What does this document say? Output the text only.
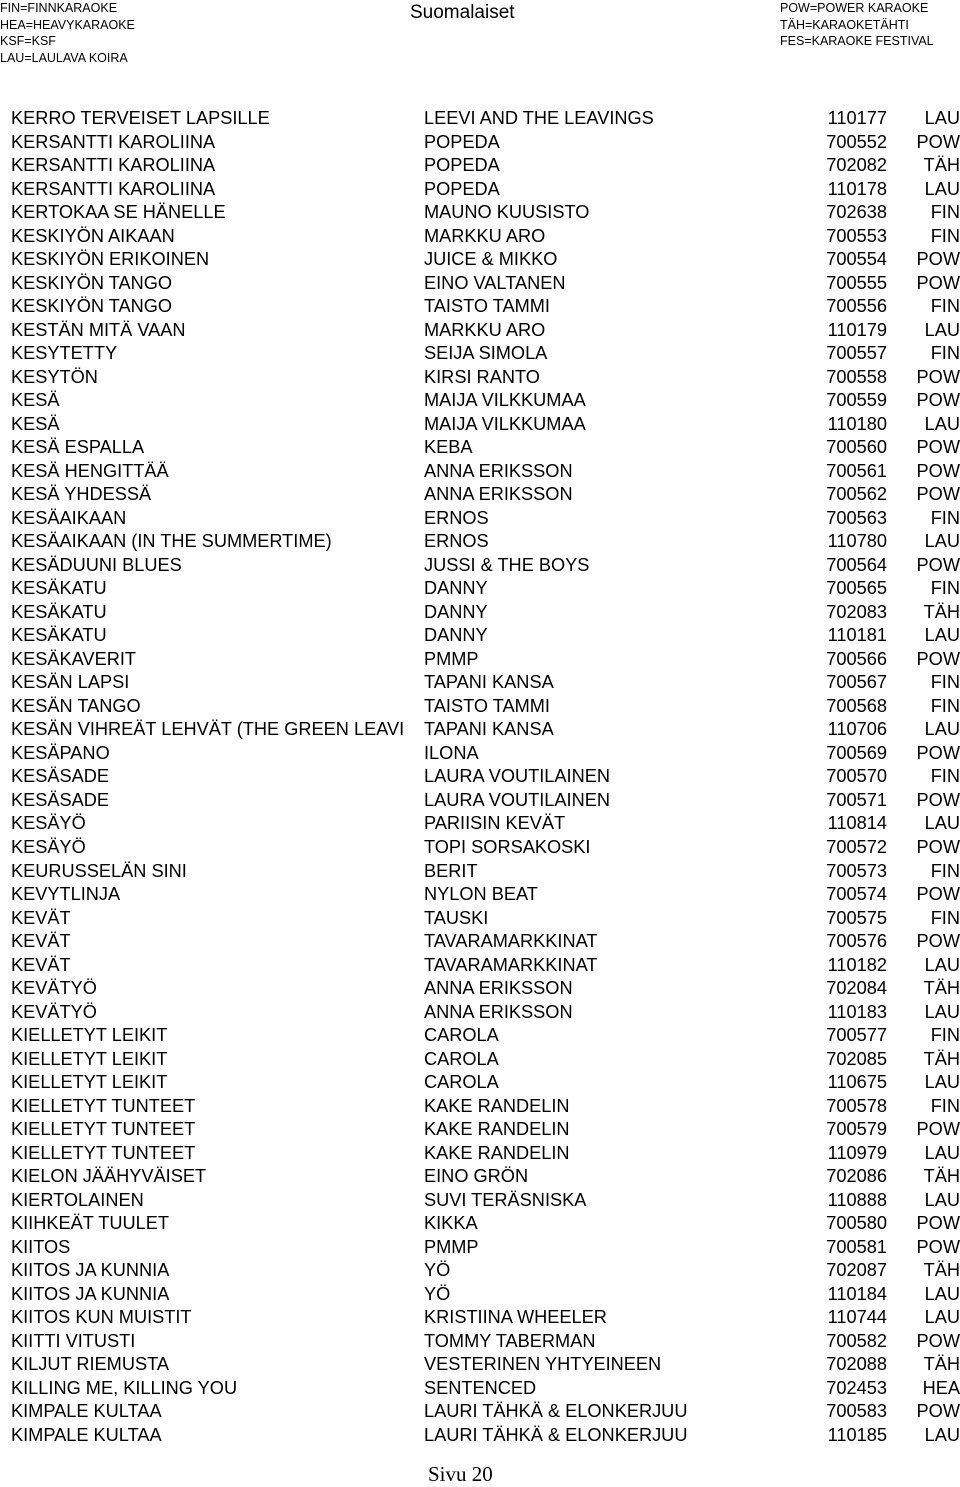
FIN=FINNKARAOKE
HEA=HEAVYKARAOKE
KSF=KSF
LAU=LAULAVA KOIRA
Suomalaiset	POW=POWER KARAOKE
TÄH=KARAOKETÄHTI
FES=KARAOKE FESTIVAL
KERRO TERVEISET LAPSILLE	LEEVI AND THE LEAVINGS	110177 LAU
KERSANTTI KAROLIINA	POPEDA	700552 POW
KERSANTTI KAROLIINA	POPEDA	702082 TÄH
KERSANTTI KAROLIINA	POPEDA	110178 LAU
KERTOKAA SE HÄNELLE	MAUNO KUUSISTO	702638 FIN
KESKIYÖN AIKAAN	MARKKU ARO	700553 FIN
KESKIYÖN ERIKOINEN	JUICE & MIKKO	700554 POW
KESKIYÖN TANGO	EINO VALTANEN	700555 POW
KESKIYÖN TANGO	TAISTO TAMMI	700556 FIN
KESTÄN MITÄ VAAN	MARKKU ARO	110179 LAU
KESYTETTY	SEIJA SIMOLA	700557 FIN
KESYTÖN	KIRSI RANTO	700558 POW
KESÄ	MAIJA VILKKUMAA	700559 POW
KESÄ	MAIJA VILKKUMAA	110180 LAU
KESÄ ESPALLA	KEBA	700560 POW
KESÄ HENGITTÄÄ	ANNA ERIKSSON	700561 POW
KESÄ YHDESSÄ	ANNA ERIKSSON	700562 POW
KESÄAIKAAN	ERNOS	700563 FIN
KESÄAIKAAN (IN THE SUMMERTIME)	ERNOS	110780 LAU
KESÄDUUNI BLUES	JUSSI & THE BOYS	700564 POW
KESÄKATU	DANNY	700565 FIN
KESÄKATU	DANNY	702083 TÄH
KESÄKATU	DANNY	110181 LAU
KESÄKAVERIT	PMMP	700566 POW
KESÄN LAPSI	TAPANI KANSA	700567 FIN
KESÄN TANGO	TAISTO TAMMI	700568 FIN
KESÄN VIHREÄT LEHVÄT (THE GREEN LEAVI	TAPANI KANSA	110706 LAU
KESÄPANO	ILONA	700569 POW
KESÄSADE	LAURA VOUTILAINEN	700570 FIN
KESÄSADE	LAURA VOUTILAINEN	700571 POW
KESÄYÖ	PARIISIN KEVÄT	110814 LAU
KESÄYÖ	TOPI SORSAKOSKI	700572 POW
KEURUSSELÄN SINI	BERIT	700573 FIN
KEVYTLINJA	NYLON BEAT	700574 POW
KEVÄT	TAUSKI	700575 FIN
KEVÄT	TAVARAMARKKINAT	700576 POW
KEVÄT	TAVARAMARKKINAT	110182 LAU
KEVÄTYÖ	ANNA ERIKSSON	702084 TÄH
KEVÄTYÖ	ANNA ERIKSSON	110183 LAU
KIELLETYT LEIKIT	CAROLA	700577 FIN
KIELLETYT LEIKIT	CAROLA	702085 TÄH
KIELLETYT LEIKIT	CAROLA	110675 LAU
KIELLETYT TUNTEET	KAKE RANDELIN	700578 FIN
KIELLETYT TUNTEET	KAKE RANDELIN	700579 POW
KIELLETYT TUNTEET	KAKE RANDELIN	110979 LAU
KIELON JÄÄHYVÄISET	EINO GRÖN	702086 TÄH
KIERTOLAINEN	SUVI TERÄSNISKA	110888 LAU
KIIHKEÄT TUULET	KIKKA	700580 POW
KIITOS	PMMP	700581 POW
KIITOS JA KUNNIA	YÖ	702087 TÄH
KIITOS JA KUNNIA	YÖ	110184 LAU
KIITOS KUN MUISTIT	KRISTIINA WHEELER	110744 LAU
KIITTI VITUSTI	TOMMY TABERMAN	700582 POW
KILJUT RIEMUSTA	VESTERINEN YHTYEINEEN	702088 TÄH
KILLING ME, KILLING YOU	SENTENCED	702453 HEA
KIMPALE KULTAA	LAURI TÄHKÄ & ELONKERJUU	700583 POW
KIMPALE KULTAA	LAURI TÄHKÄ & ELONKERJUU	110185 LAU
Sivu 20
